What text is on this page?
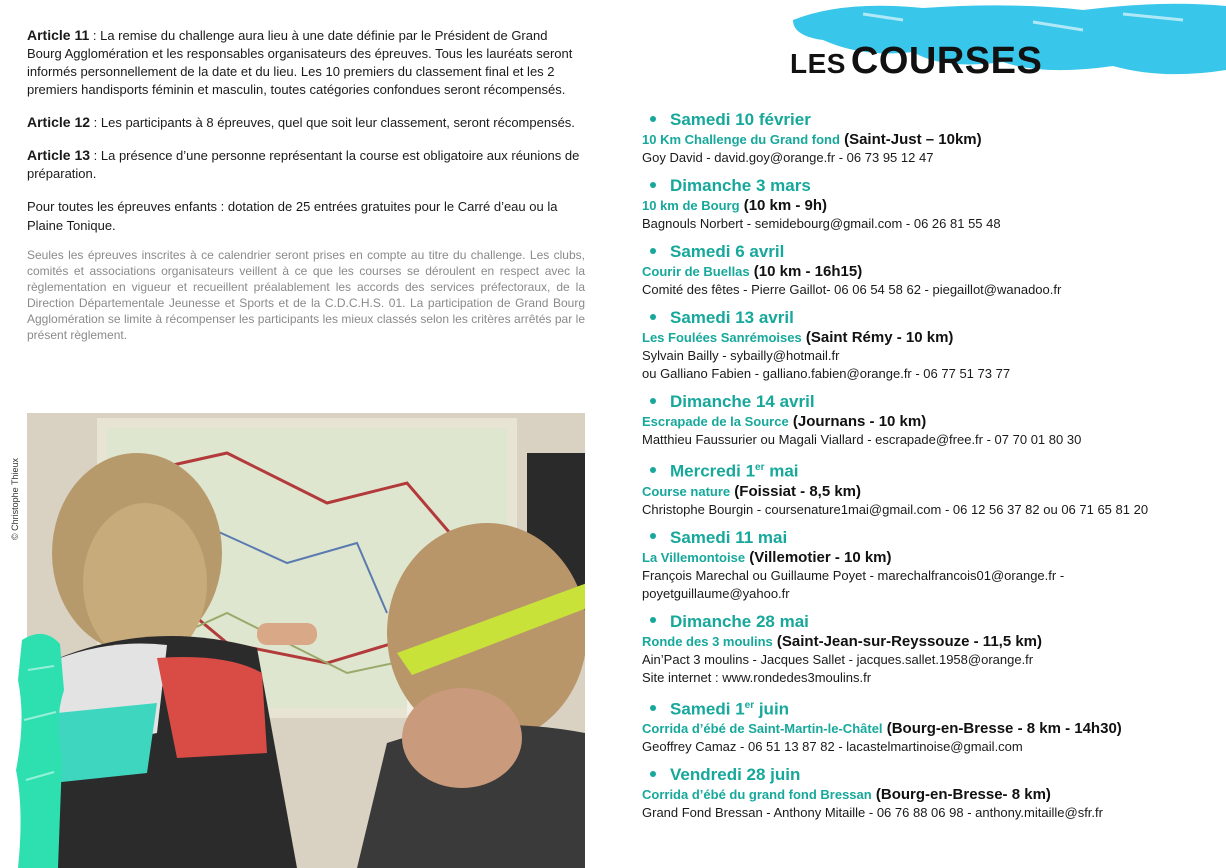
Article 11 : La remise du challenge aura lieu à une date définie par le Président de Grand Bourg Agglomération et les responsables organisateurs des épreuves. Tous les lauréats seront informés personnellement de la date et du lieu. Les 10 premiers du classement final et les 2 premiers handisports féminin et masculin, toutes catégories confondues seront récompensés.

Article 12 : Les participants à 8 épreuves, quel que soit leur classement, seront récompensés.

Article 13 : La présence d’une personne représentant la course est obligatoire aux réunions de préparation.

Pour toutes les épreuves enfants : dotation de 25 entrées gratuites pour le Carré d’eau ou la Plaine Tonique.

Seules les épreuves inscrites à ce calendrier seront prises en compte au titre du challenge. Les clubs, comités et associations organisateurs veillent à ce que les courses se déroulent en respect avec la règlementation en vigueur et recueillent préalablement les accords des services préfectoraux, de la Direction Départementale Jeunesse et Sports et de la C.D.C.H.S. 01. La participation de Grand Bourg Agglomération se limite à récompenser les participants les mieux classés selon les critères arrêtés par le présent règlement.

© Christophe Thieux
LES COURSES
Samedi 10 février
10 Km Challenge du Grand fond (Saint-Just – 10km)
Goy David - david.goy@orange.fr - 06 73 95 12 47
Dimanche 3 mars
10 km de Bourg (10 km - 9h)
Bagnouls Norbert - semidebourg@gmail.com - 06 26 81 55 48
Samedi 6 avril
Courir de Buellas (10 km - 16h15)
Comité des fêtes - Pierre Gaillot- 06 06 54 58 62 - piegaillot@wanadoo.fr
Samedi 13 avril
Les Foulées Sanrémoises (Saint Rémy - 10 km)
Sylvain Bailly - sybailly@hotmail.fr
ou Galliano Fabien - galliano.fabien@orange.fr - 06 77 51 73 77
Dimanche 14 avril
Escrapade de la Source (Journans - 10 km)
Matthieu Faussurier ou Magali Viallard - escrapade@free.fr - 07 70 01 80 30
Mercredi 1er mai
Course nature (Foissiat - 8,5 km)
Christophe Bourgin - coursenature1mai@gmail.com - 06 12 56 37 82 ou 06 71 65 81 20
Samedi 11 mai
La Villemontoise (Villemotier - 10 km)
François Marechal ou Guillaume Poyet - marechalfrancois01@orange.fr -
poyetguillaume@yahoo.fr
Dimanche 28 mai
Ronde des 3 moulins (Saint-Jean-sur-Reyssouze - 11,5 km)
Ain’Pact 3 moulins - Jacques Sallet - jacques.sallet.1958@orange.fr
Site internet : www.rondedes3moulins.fr
Samedi 1er juin
Corrida d’ébé de Saint-Martin-le-Châtel (Bourg-en-Bresse - 8 km - 14h30)
Geoffrey Camaz - 06 51 13 87 82 - lacastelmartinoise@gmail.com
Vendredi 28 juin
Corrida d’ébé du grand fond Bressan (Bourg-en-Bresse- 8 km)
Grand Fond Bressan - Anthony Mitaille - 06 76 88 06 98 - anthony.mitaille@sfr.fr
